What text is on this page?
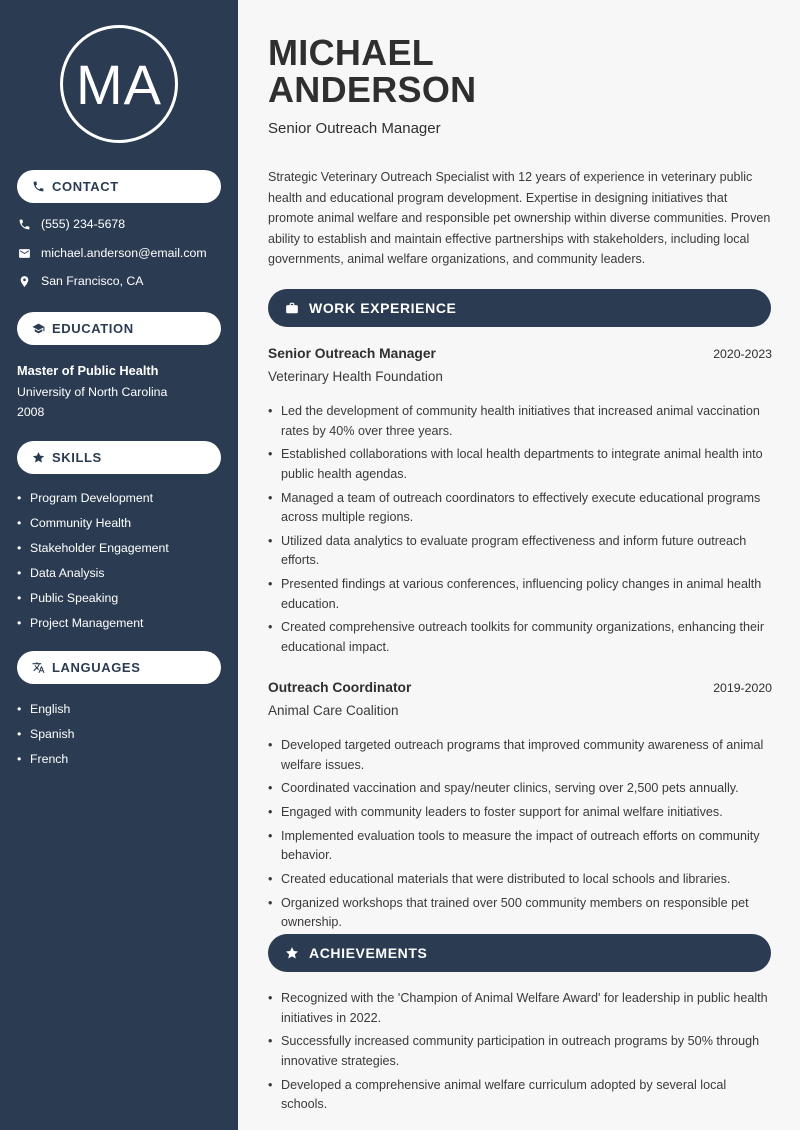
MA
CONTACT
(555) 234-5678
michael.anderson@email.com
San Francisco, CA
EDUCATION
Master of Public Health
University of North Carolina
2008
SKILLS
• Program Development
• Community Health
• Stakeholder Engagement
• Data Analysis
• Public Speaking
• Project Management
LANGUAGES
• English
• Spanish
• French
MICHAEL
ANDERSON
Senior Outreach Manager

Strategic Veterinary Outreach Specialist with 12 years of experience in veterinary public health and educational program development. Expertise in designing initiatives that promote animal welfare and responsible pet ownership within diverse communities. Proven ability to establish and maintain effective partnerships with stakeholders, including local governments, animal welfare organizations, and community leaders.

WORK EXPERIENCE
Senior Outreach Manager	2020-2023
Veterinary Health Foundation
• Led the development of community health initiatives that increased animal vaccination rates by 40% over three years.
• Established collaborations with local health departments to integrate animal health into public health agendas.
• Managed a team of outreach coordinators to effectively execute educational programs across multiple regions.
• Utilized data analytics to evaluate program effectiveness and inform future outreach efforts.
• Presented findings at various conferences, influencing policy changes in animal health education.
• Created comprehensive outreach toolkits for community organizations, enhancing their educational impact.
Outreach Coordinator	2019-2020
Animal Care Coalition
• Developed targeted outreach programs that improved community awareness of animal welfare issues.
• Coordinated vaccination and spay/neuter clinics, serving over 2,500 pets annually.
• Engaged with community leaders to foster support for animal welfare initiatives.
• Implemented evaluation tools to measure the impact of outreach efforts on community behavior.
• Created educational materials that were distributed to local schools and libraries.
• Organized workshops that trained over 500 community members on responsible pet ownership.
ACHIEVEMENTS
• Recognized with the 'Champion of Animal Welfare Award' for leadership in public health initiatives in 2022.
• Successfully increased community participation in outreach programs by 50% through innovative strategies.
• Developed a comprehensive animal welfare curriculum adopted by several local schools.
